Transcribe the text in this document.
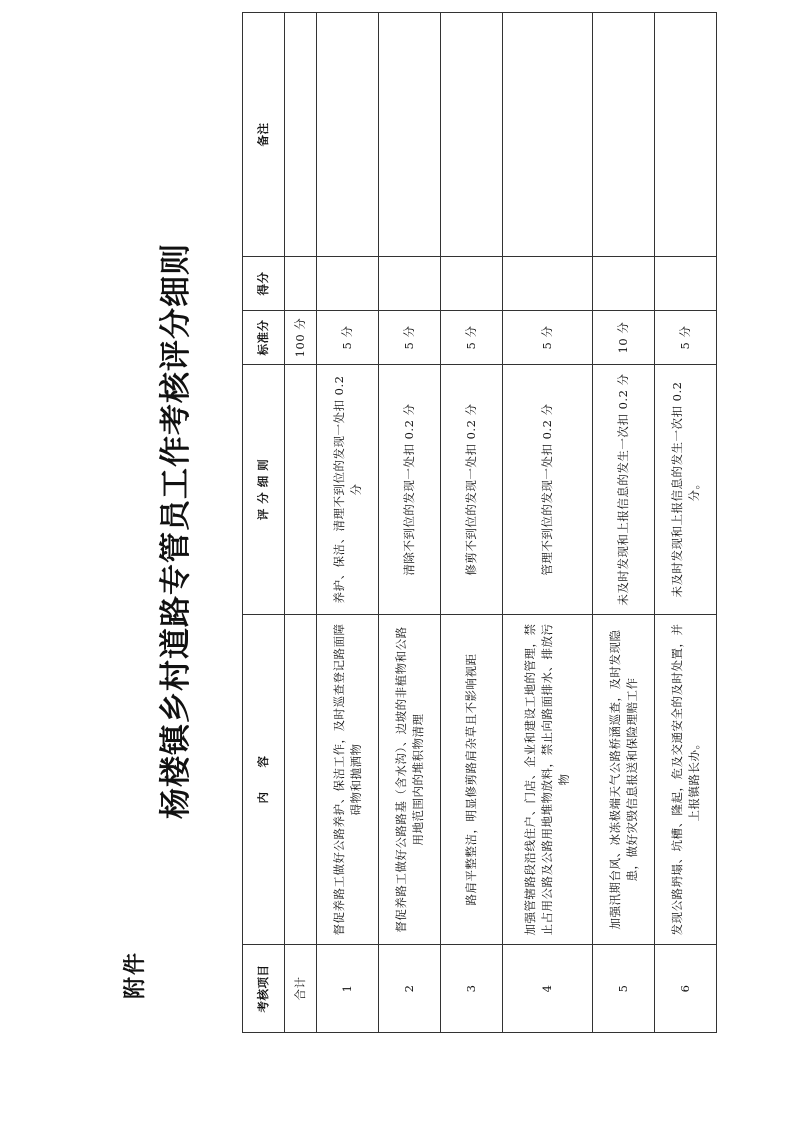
附件
杨楼镇乡村道路专管员工作考核评分细则
考核项目	内　　容	评 分 细 则	标准分	得分	备注
合计			100 分		
1	督促养路工做好公路养护、保洁工作，及时巡查登记路面障碍物和抛洒物	养护、保洁、清理不到位的发现一处扣 0.2 分	5 分		
2	督促养路工做好公路路基（含水沟）、边坡的非植物和公路用地范围内的堆积物清理	清除不到位的发现一处扣 0.2 分	5 分		
3	路肩平整整洁，明显修剪路肩杂草且不影响视距	修剪不到位的发现一处扣 0.2 分	5 分		
4	加强管辖路段沿线住户、门店、企业和建设工地的管理，禁止占用公路及公路用地堆物放料，禁止向路面排水、排放污物	管理不到位的发现一处扣 0.2 分	5 分		
5	加强汛期台风、冰冻极端天气公路桥涵巡查，及时发现隐患，做好灾毁信息报送和保险理赔工作	未及时发现和上报信息的发生一次扣 0.2 分	10 分		
6	发现公路坍塌、坑槽、隆起，危及交通安全的及时处置，并上报镇路长办。	未及时发现和上报信息的发生一次扣 0.2 分。	5 分		
